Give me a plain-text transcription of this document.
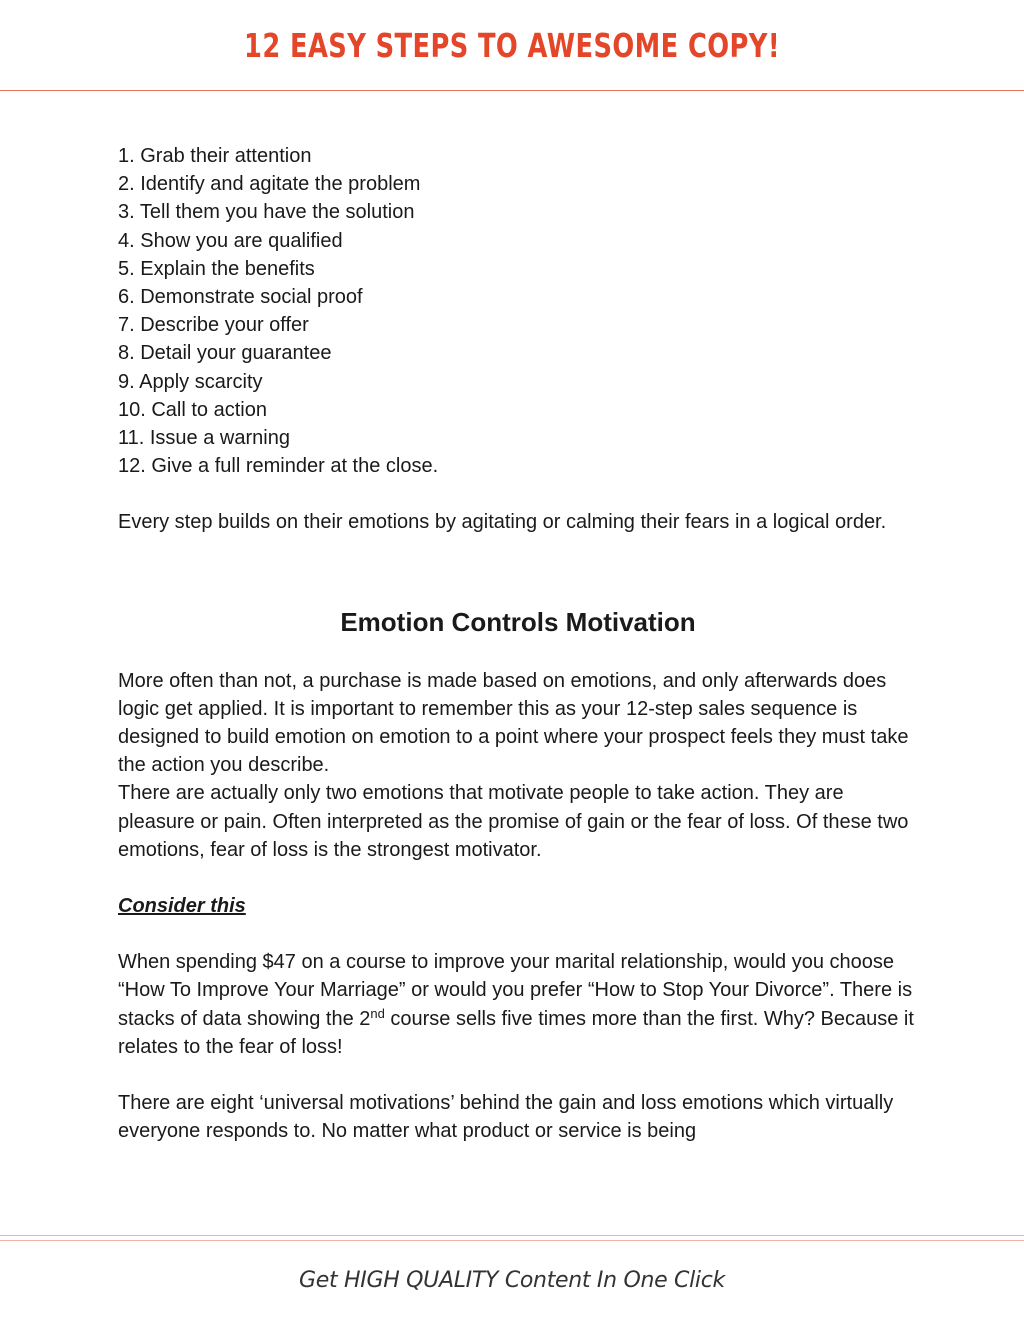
12 EASY STEPS TO AWESOME COPY!
1. Grab their attention
2. Identify and agitate the problem
3. Tell them you have the solution
4. Show you are qualified
5. Explain the benefits
6. Demonstrate social proof
7. Describe your offer
8. Detail your guarantee
9. Apply scarcity
10. Call to action
11. Issue a warning
12. Give a full reminder at the close.

Every step builds on their emotions by agitating or calming their fears in a logical order.

Emotion Controls Motivation

More often than not, a purchase is made based on emotions, and only afterwards does logic get applied. It is important to remember this as your 12-step sales sequence is designed to build emotion on emotion to a point where your prospect feels they must take the action you describe.

There are actually only two emotions that motivate people to take action. They are pleasure or pain. Often interpreted as the promise of gain or the fear of loss. Of these two emotions, fear of loss is the strongest motivator.

Consider this

When spending $47 on a course to improve your marital relationship, would you choose “How To Improve Your Marriage” or would you prefer “How to Stop Your Divorce”. There is stacks of data showing the 2nd course sells five times more than the first. Why? Because it relates to the fear of loss!

There are eight ‘universal motivations’ behind the gain and loss emotions which virtually everyone responds to. No matter what product or service is being

Get HIGH QUALITY Content In One Click
